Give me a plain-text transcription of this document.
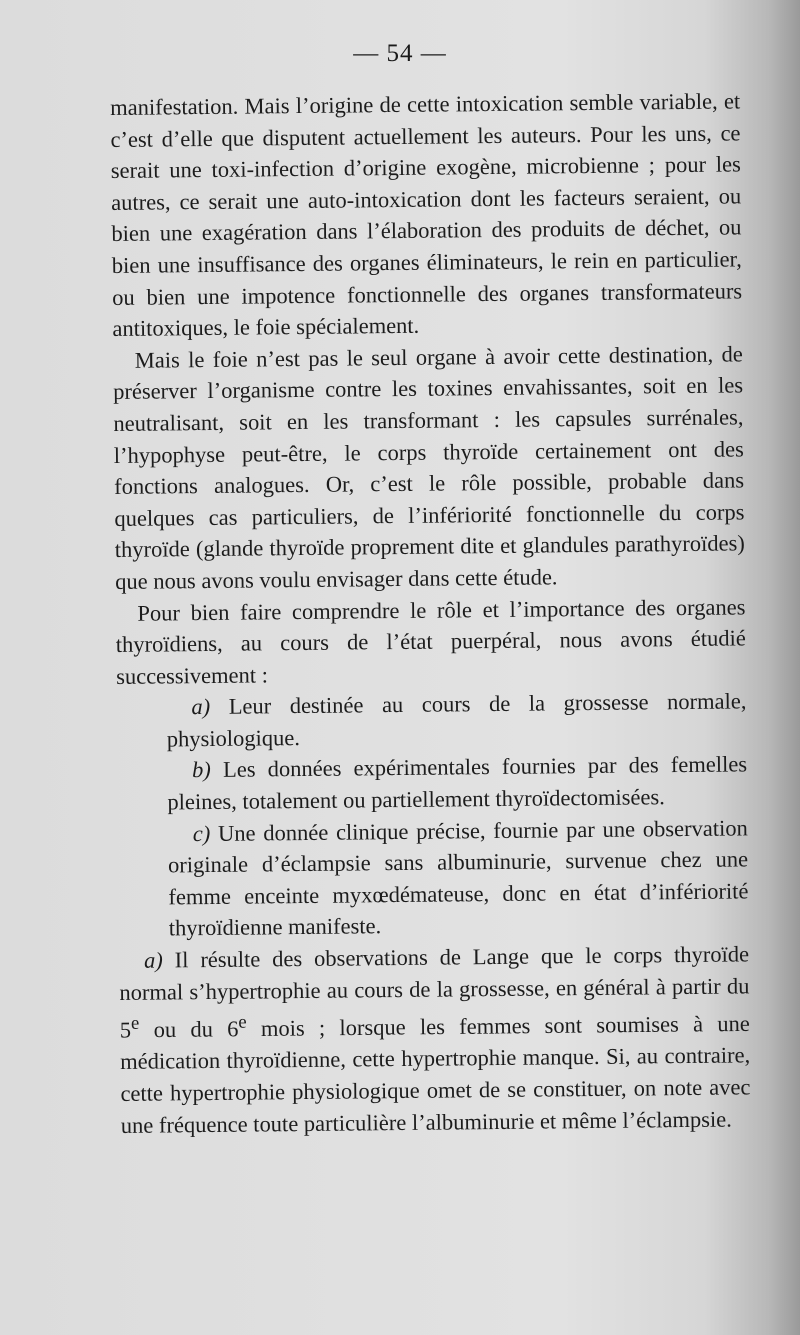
— 54 —

manifestation. Mais l’origine de cette intoxication semble variable, et c’est d’elle que disputent actuellement les auteurs. Pour les uns, ce serait une toxi-infection d’origine exogène, microbienne ; pour les autres, ce serait une auto-intoxication dont les facteurs seraient, ou bien une exagération dans l’élaboration des produits de déchet, ou bien une insuffisance des organes éliminateurs, le rein en particulier, ou bien une impotence fonctionnelle des organes transformateurs antitoxiques, le foie spécialement.

Mais le foie n’est pas le seul organe à avoir cette destination, de préserver l’organisme contre les toxines envahissantes, soit en les neutralisant, soit en les transformant : les capsules surrénales, l’hypophyse peut-être, le corps thyroïde certainement ont des fonctions analogues. Or, c’est le rôle possible, probable dans quelques cas particuliers, de l’infériorité fonctionnelle du corps thyroïde (glande thyroïde proprement dite et glandules parathyroïdes) que nous avons voulu envisager dans cette étude.

Pour bien faire comprendre le rôle et l’importance des organes thyroïdiens, au cours de l’état puerpéral, nous avons étudié successivement :

a) Leur destinée au cours de la grossesse normale, physiologique.

b) Les données expérimentales fournies par des femelles pleines, totalement ou partiellement thyroïdectomisées.

c) Une donnée clinique précise, fournie par une observation originale d’éclampsie sans albuminurie, survenue chez une femme enceinte myxœdémateuse, donc en état d’infériorité thyroïdienne manifeste.

a) Il résulte des observations de Lange que le corps thyroïde normal s’hypertrophie au cours de la grossesse, en général à partir du 5e ou du 6e mois ; lorsque les femmes sont soumises à une médication thyroïdienne, cette hypertrophie manque. Si, au contraire, cette hypertrophie physiologique omet de se constituer, on note avec une fréquence toute particulière l’albuminurie et même l’éclampsie.
